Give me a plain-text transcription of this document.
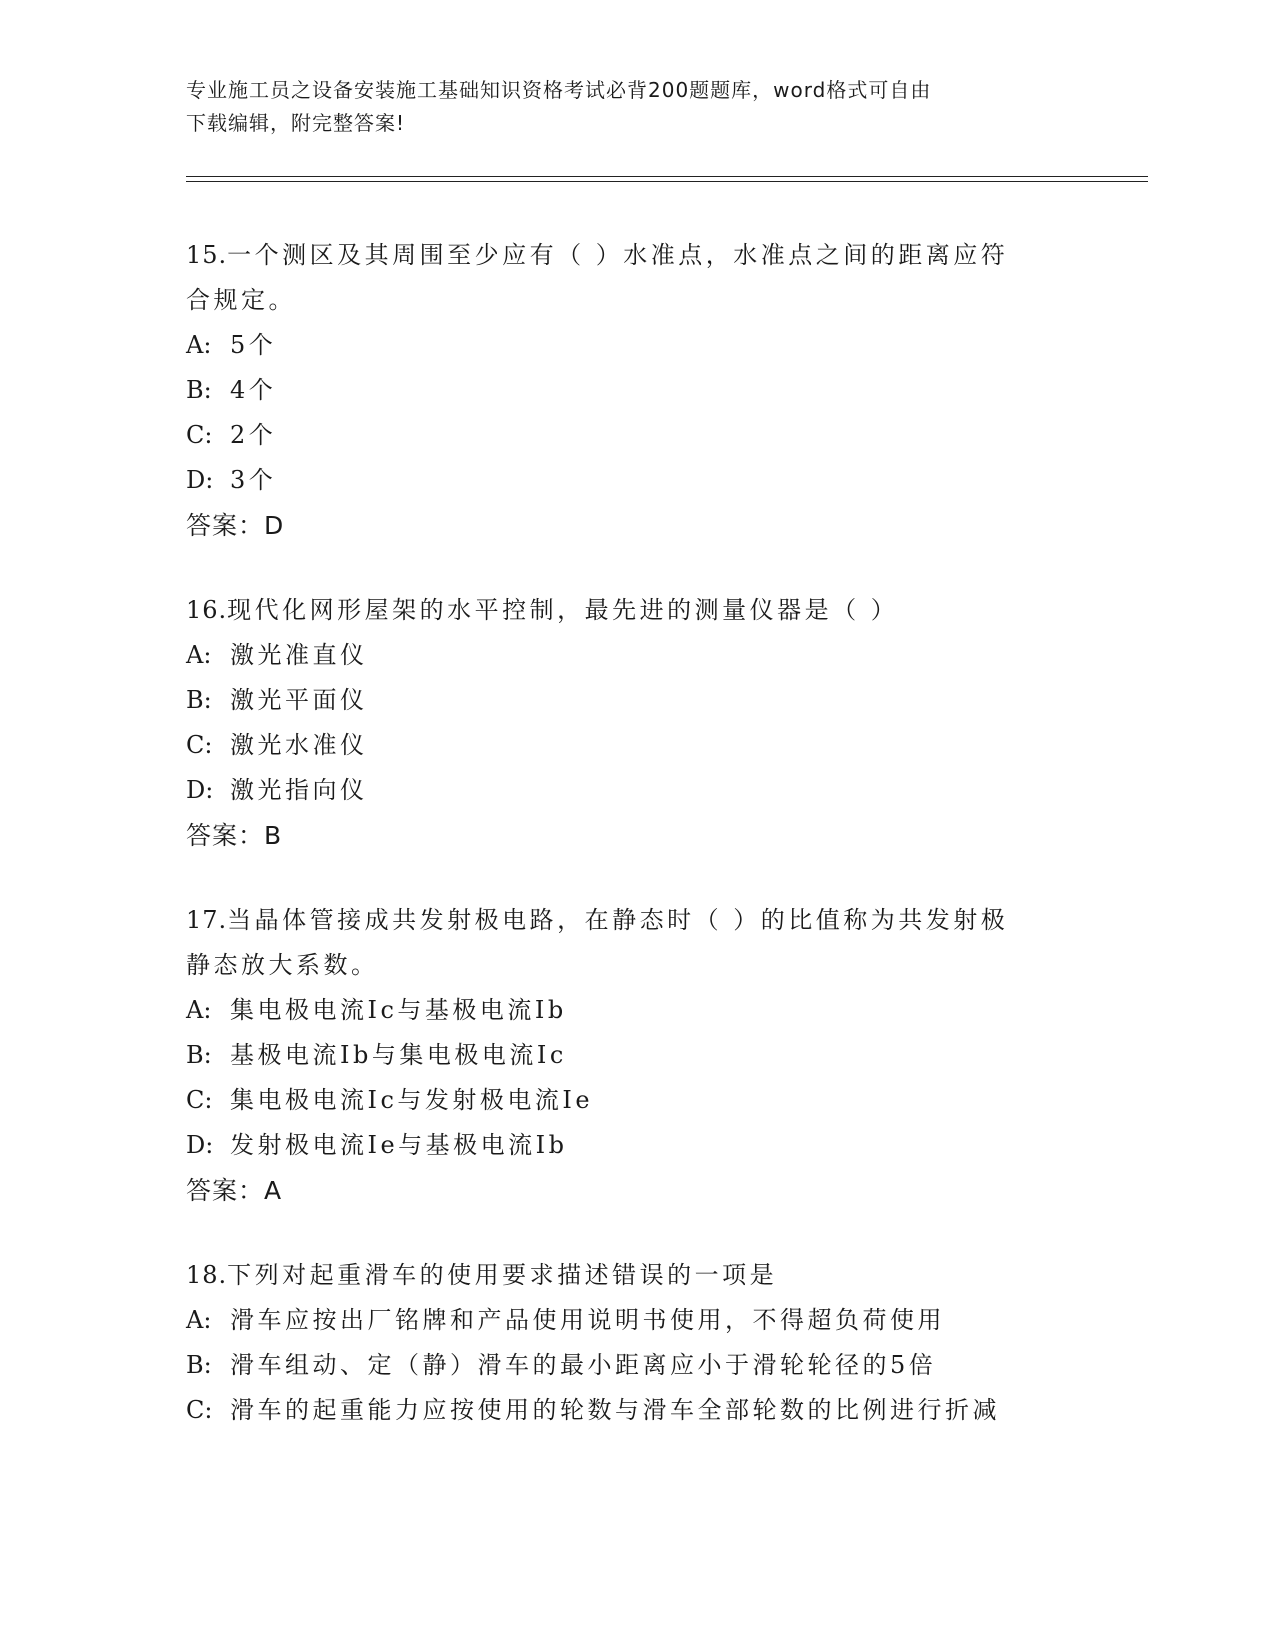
专业施工员之设备安装施工基础知识资格考试必背200题题库，word格式可自由
下载编辑，附完整答案!
15.一个测区及其周围至少应有（ ）水准点，水准点之间的距离应符
合规定。
A: 5个
B: 4个
C: 2个
D: 3个
答案：D
16.现代化网形屋架的水平控制，最先进的测量仪器是（ ）
A: 激光准直仪
B: 激光平面仪
C: 激光水准仪
D: 激光指向仪
答案：B
17.当晶体管接成共发射极电路，在静态时（ ）的比值称为共发射极
静态放大系数。
A: 集电极电流Ic与基极电流Ib
B: 基极电流Ib与集电极电流Ic
C: 集电极电流Ic与发射极电流Ie
D: 发射极电流Ie与基极电流Ib
答案：A
18.下列对起重滑车的使用要求描述错误的一项是
A: 滑车应按出厂铭牌和产品使用说明书使用，不得超负荷使用
B: 滑车组动、定（静）滑车的最小距离应小于滑轮轮径的5倍
C: 滑车的起重能力应按使用的轮数与滑车全部轮数的比例进行折减
